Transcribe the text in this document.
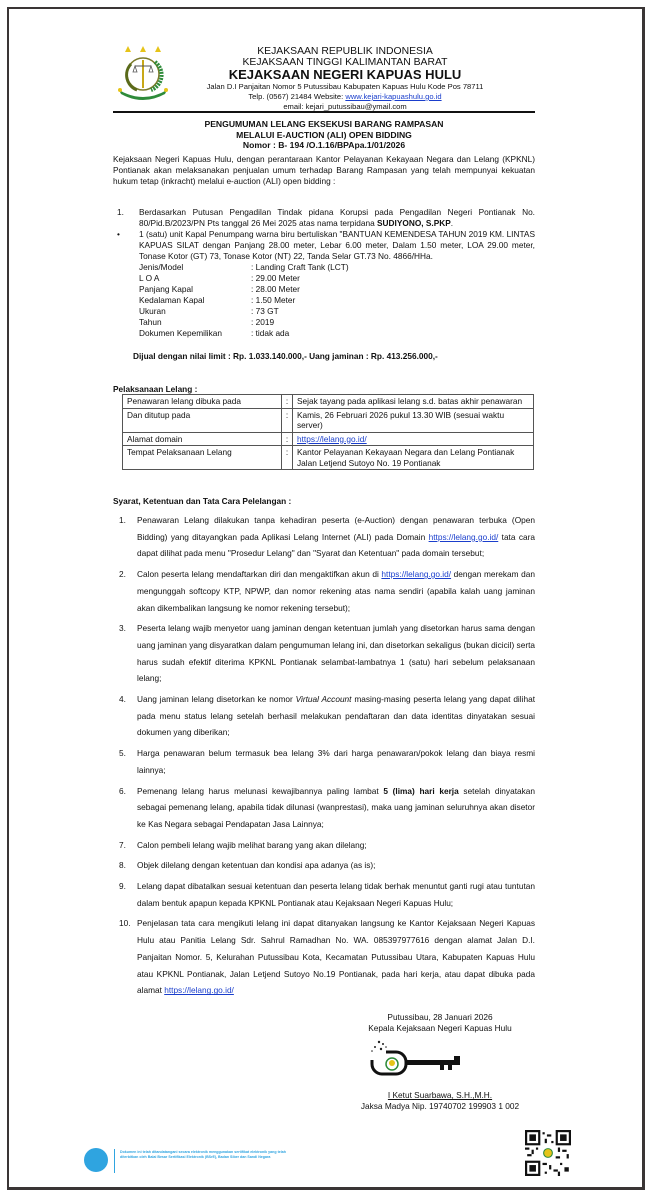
KEJAKSAAN REPUBLIK INDONESIA
KEJAKSAAN TINGGI KALIMANTAN BARAT
KEJAKSAAN NEGERI KAPUAS HULU
Jalan D.I Panjaitan Nomor 5 Putussibau Kabupaten Kapuas Hulu Kode Pos 78711
Telp. (0567) 21484 Website: www.kejari-kapuashulu.go.id
email: kejari_putussibau@ymail.com
PENGUMUMAN LELANG EKSEKUSI BARANG RAMPASAN
MELALUI E-AUCTION (ALI) OPEN BIDDING
Nomor : B- 194 /O.1.16/BPApa.1/01/2026
Kejaksaan Negeri Kapuas Hulu, dengan perantaraan Kantor Pelayanan Kekayaan Negara dan Lelang (KPKNL) Pontianak akan melaksanakan penjualan umum terhadap Barang Rampasan yang telah mempunyai kekuatan hukum tetap (inkracht) melalui e-auction (ALI) open bidding :
1.	Berdasarkan Putusan Pengadilan Tindak pidana Korupsi pada Pengadilan Negeri Pontianak No. 80/Pid.B/2023/PN Pts tanggal 26 Mei 2025 atas nama terpidana SUDIYONO, S.PKP.
•	1 (satu) unit Kapal Penumpang warna biru bertuliskan "BANTUAN KEMENDESA TAHUN 2019 KM. LINTAS KAPUAS SILAT dengan Panjang 28.00 meter, Lebar 6.00 meter, Dalam 1.50 meter, LOA 29.00 meter, Tonase Kotor (GT) 73, Tonase Kotor (NT) 22, Tanda Selar GT.73 No. 4866/HHa.
Jenis/Model	: Landing Craft Tank (LCT)
L O A	: 29.00 Meter
Panjang Kapal	: 28.00 Meter
Kedalaman Kapal	: 1.50 Meter
Ukuran	: 73 GT
Tahun	: 2019
Dokumen Kepemilikan	: tidak ada
Dijual dengan nilai limit : Rp. 1.033.140.000,- Uang jaminan : Rp. 413.256.000,-
Pelaksanaan Lelang :
Penawaran lelang dibuka pada	:	Sejak tayang pada aplikasi lelang s.d. batas akhir penawaran
Dan ditutup pada	:	Kamis, 26 Februari 2026 pukul 13.30 WIB (sesuai waktu server)
Alamat domain	:	https://lelang.go.id/
Tempat Pelaksanaan Lelang	:	Kantor Pelayanan Kekayaan Negara dan Lelang Pontianak
Jalan Letjend Sutoyo No. 19 Pontianak
Syarat, Ketentuan dan Tata Cara Pelelangan :
1.	Penawaran Lelang dilakukan tanpa kehadiran peserta (e-Auction) dengan penawaran terbuka (Open Bidding) yang ditayangkan pada Aplikasi Lelang Internet (ALI) pada Domain https://lelang.go.id/ tata cara dapat dilihat pada menu "Prosedur Lelang" dan "Syarat dan Ketentuan" pada domain tersebut;
2.	Calon peserta lelang mendaftarkan diri dan mengaktifkan akun di https://lelang.go.id/ dengan merekam dan mengunggah softcopy KTP, NPWP, dan nomor rekening atas nama sendiri (apabila kalah uang jaminan akan dikembalikan langsung ke nomor rekening tersebut);
3.	Peserta lelang wajib menyetor uang jaminan dengan ketentuan jumlah yang disetorkan harus sama dengan uang jaminan yang disyaratkan dalam pengumuman lelang ini, dan disetorkan sekaligus (bukan dicicil) serta harus sudah efektif diterima KPKNL Pontianak selambat-lambatnya 1 (satu) hari sebelum pelaksanaan lelang;
4.	Uang jaminan lelang disetorkan ke nomor Virtual Account masing-masing peserta lelang yang dapat dilihat pada menu status lelang setelah berhasil melakukan pendaftaran dan data identitas dinyatakan sesuai dokumen yang diberikan;
5.	Harga penawaran belum termasuk bea lelang 3% dari harga penawaran/pokok lelang dan biaya resmi lainnya;
6.	Pemenang lelang harus melunasi kewajibannya paling lambat 5 (lima) hari kerja setelah dinyatakan sebagai pemenang lelang, apabila tidak dilunasi (wanprestasi), maka uang jaminan seluruhnya akan disetor ke Kas Negara sebagai Pendapatan Jasa Lainnya;
7.	Calon pembeli lelang wajib melihat barang yang akan dilelang;
8.	Objek dilelang dengan ketentuan dan kondisi apa adanya (as is);
9.	Lelang dapat dibatalkan sesuai ketentuan dan peserta lelang tidak berhak menuntut ganti rugi atau tuntutan dalam bentuk apapun kepada KPKNL Pontianak atau Kejaksaan Negeri Kapuas Hulu;
10. Penjelasan tata cara mengikuti lelang ini dapat ditanyakan langsung ke Kantor Kejaksaan Negeri Kapuas Hulu atau Panitia Lelang Sdr. Sahrul Ramadhan No. WA. 085397977616 dengan alamat Jalan D.I. Panjaitan Nomor. 5, Kelurahan Putussibau Kota, Kecamatan Putussibau Utara, Kabupaten Kapuas Hulu atau KPKNL Pontianak, Jalan Letjend Sutoyo No.19 Pontianak, pada hari kerja, atau dapat dibuka pada alamat https://lelang.go.id/
Putussibau, 28 Januari 2026
Kepala Kejaksaan Negeri Kapuas Hulu
I Ketut Suarbawa, S.H.,M.H.
Jaksa Madya Nip. 19740702 199903 1 002
Dokumen ini telah ditandatangani secara elektronik menggunakan sertifikat elektronik yang telah diterbitkan oleh Balai Besar Sertifikasi Elektronik (BSrE), Badan Siber dan Sandi Negara
